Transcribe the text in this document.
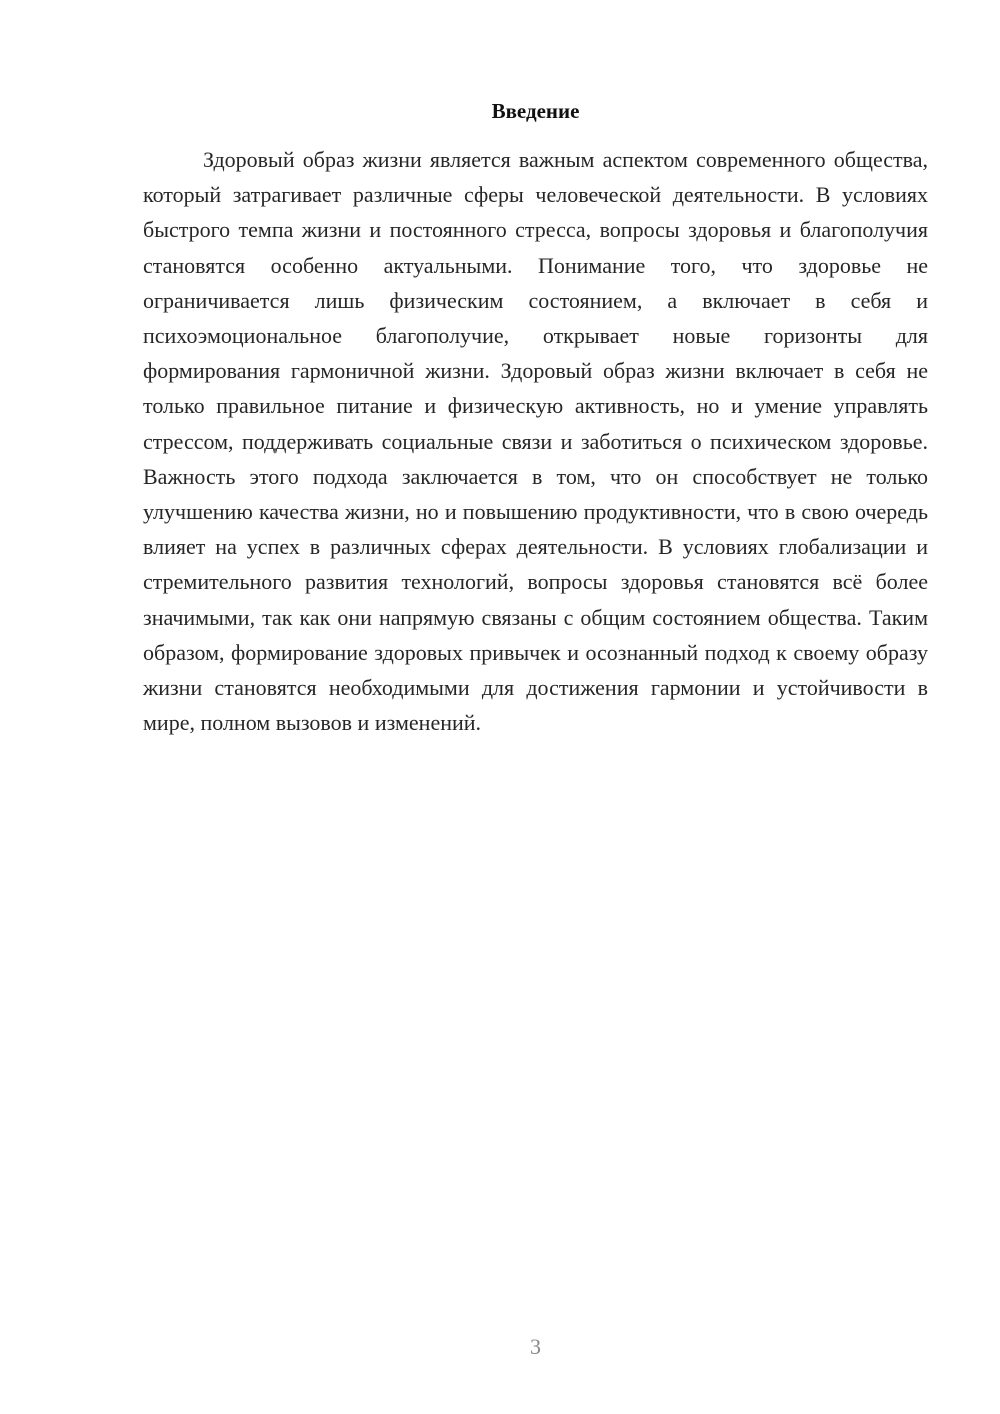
Введение

Здоровый образ жизни является важным аспектом современного общества, который затрагивает различные сферы человеческой деятельности. В условиях быстрого темпа жизни и постоянного стресса, вопросы здоровья и благополучия становятся особенно актуальными. Понимание того, что здоровье не ограничивается лишь физическим состоянием, а включает в себя и психоэмоциональное благополучие, открывает новые горизонты для формирования гармоничной жизни. Здоровый образ жизни включает в себя не только правильное питание и физическую активность, но и умение управлять стрессом, поддерживать социальные связи и заботиться о психическом здоровье. Важность этого подхода заключается в том, что он способствует не только улучшению качества жизни, но и повышению продуктивности, что в свою очередь влияет на успех в различных сферах деятельности. В условиях глобализации и стремительного развития технологий, вопросы здоровья становятся всё более значимыми, так как они напрямую связаны с общим состоянием общества. Таким образом, формирование здоровых привычек и осознанный подход к своему образу жизни становятся необходимыми для достижения гармонии и устойчивости в мире, полном вызовов и изменений.

3
